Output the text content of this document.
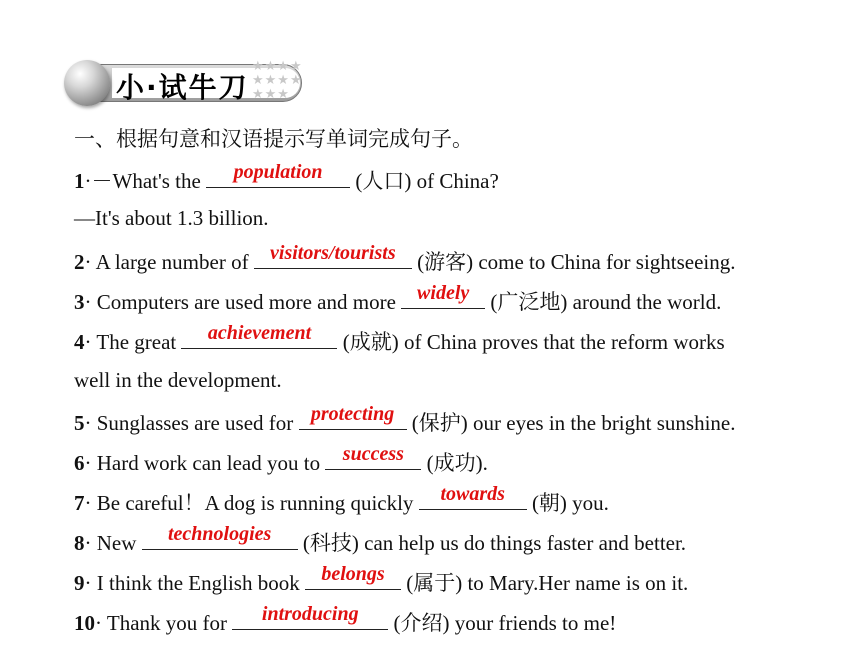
小·试牛刀
★★★★
★★★★
★★★
一、根据句意和汉语提示写单词完成句子。
1·－What's the	population	(人口) of China?
—It's about 1.3 billion.
2· A large number of visitors/tourists (游客) come to China for sightseeing.
3· Computers are used more and more widely (广泛地) around the world.
4· The great	achievement	(成就) of China proves that the reform works
well in the development.
5· Sunglasses are used for protecting (保护) our eyes in the bright sunshine.
6· Hard work can lead you to success (成功).
7· Be careful！A dog is running quickly	towards	(朝) you.
8· New	technologies	(科技) can help us do things faster and better.
9· I think the English book belongs (属于) to Mary.Her name is on it.
10· Thank you for	introducing	(介绍) your friends to me!
